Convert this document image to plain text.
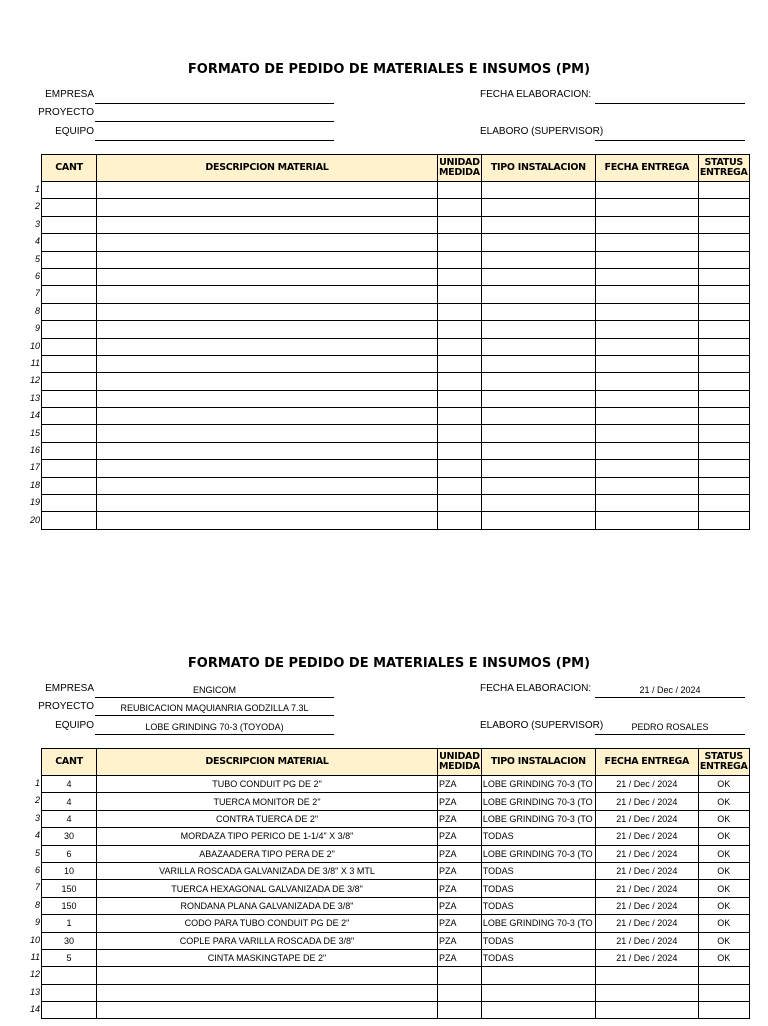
FORMATO DE PEDIDO DE MATERIALES E INSUMOS (PM)
EMPRESA
PROYECTO
EQUIPO
FECHA ELABORACION:
ELABORO (SUPERVISOR)
CANT	DESCRIPCION MATERIAL	UNIDAD MEDIDA	TIPO INSTALACION	FECHA ENTREGA	STATUS ENTREGA

1
2
3
4
5
6
7
8
9
10
11
12
13
14
15
16
17
18
19
20
FORMATO DE PEDIDO DE MATERIALES E INSUMOS (PM)
EMPRESA	ENGICOM
PROYECTO	REUBICACION MAQUIANRIA GODZILLA 7.3L
EQUIPO	LOBE GRINDING 70-3 (TOYODA)
FECHA ELABORACION:	21 / Dec / 2024
ELABORO (SUPERVISOR)	PEDRO ROSALES
CANT	DESCRIPCION MATERIAL	UNIDAD MEDIDA	TIPO INSTALACION	FECHA ENTREGA	STATUS ENTREGA
4	TUBO CONDUIT PG DE 2"	PZA	LOBE GRINDING 70-3 (TO	21 / Dec / 2024	OK
4	TUERCA MONITOR DE 2"	PZA	LOBE GRINDING 70-3 (TO	21 / Dec / 2024	OK
4	CONTRA TUERCA DE 2"	PZA	LOBE GRINDING 70-3 (TO	21 / Dec / 2024	OK
30	MORDAZA TIPO PERICO DE 1-1/4" X 3/8"	PZA	TODAS	21 / Dec / 2024	OK
6	ABAZAADERA TIPO PERA DE 2"	PZA	LOBE GRINDING 70-3 (TO	21 / Dec / 2024	OK
10	VARILLA ROSCADA GALVANIZADA DE 3/8" X 3 MTL	PZA	TODAS	21 / Dec / 2024	OK
150	TUERCA HEXAGONAL GALVANIZADA DE 3/8"	PZA	TODAS	21 / Dec / 2024	OK
150	RONDANA PLANA GALVANIZADA DE 3/8"	PZA	TODAS	21 / Dec / 2024	OK
1	CODO PARA TUBO CONDUIT PG DE 2"	PZA	LOBE GRINDING 70-3 (TO	21 / Dec / 2024	OK
30	COPLE PARA VARILLA ROSCADA DE 3/8"	PZA	TODAS	21 / Dec / 2024	OK
5	CINTA MASKINGTAPE DE 2"	PZA	TODAS	21 / Dec / 2024	OK

1
2
3
4
5
6
7
8
9
10
11
12
13
14
